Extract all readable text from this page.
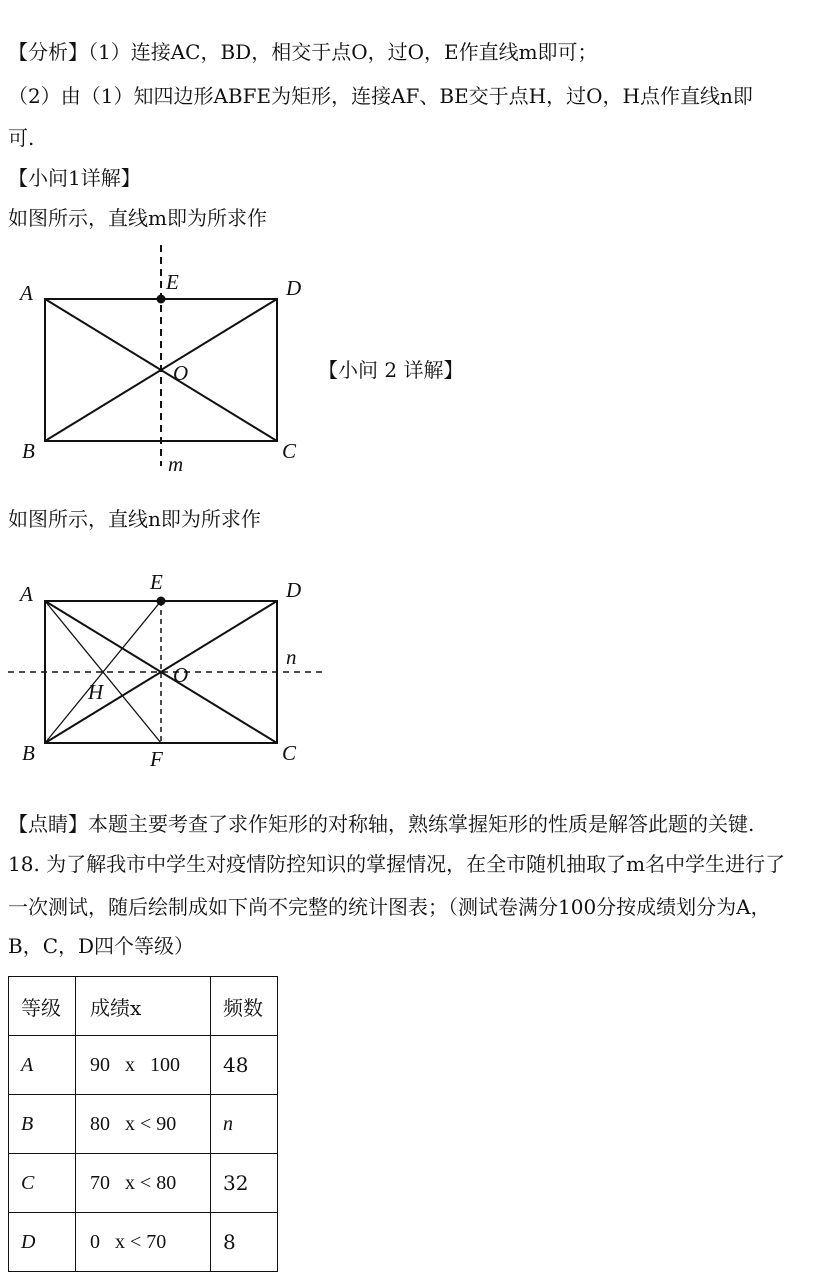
【分析】（1）连接AC，BD，相交于点O，过O，E作直线m即可；
（2）由（1）知四边形ABFE为矩形，连接AF、BE交于点H，过O，H点作直线n即
可.
【小问1详解】
如图所示，直线m即为所求作
A	E	D
O
B	C
m
【小问 2 详解】
如图所示，直线n即为所求作
A	E	D
n
O
H
B	F	C
【点睛】本题主要考查了求作矩形的对称轴，熟练掌握矩形的性质是解答此题的关键.
18. 为了解我市中学生对疫情防控知识的掌握情况，在全市随机抽取了m名中学生进行了
一次测试，随后绘制成如下尚不完整的统计图表；（测试卷满分100分按成绩划分为A，
B，C，D四个等级）
等级	成绩x	频数
A	90   x   100	48
B	80   x < 90	n
C	70   x < 80	32
D	0   x < 70	8
